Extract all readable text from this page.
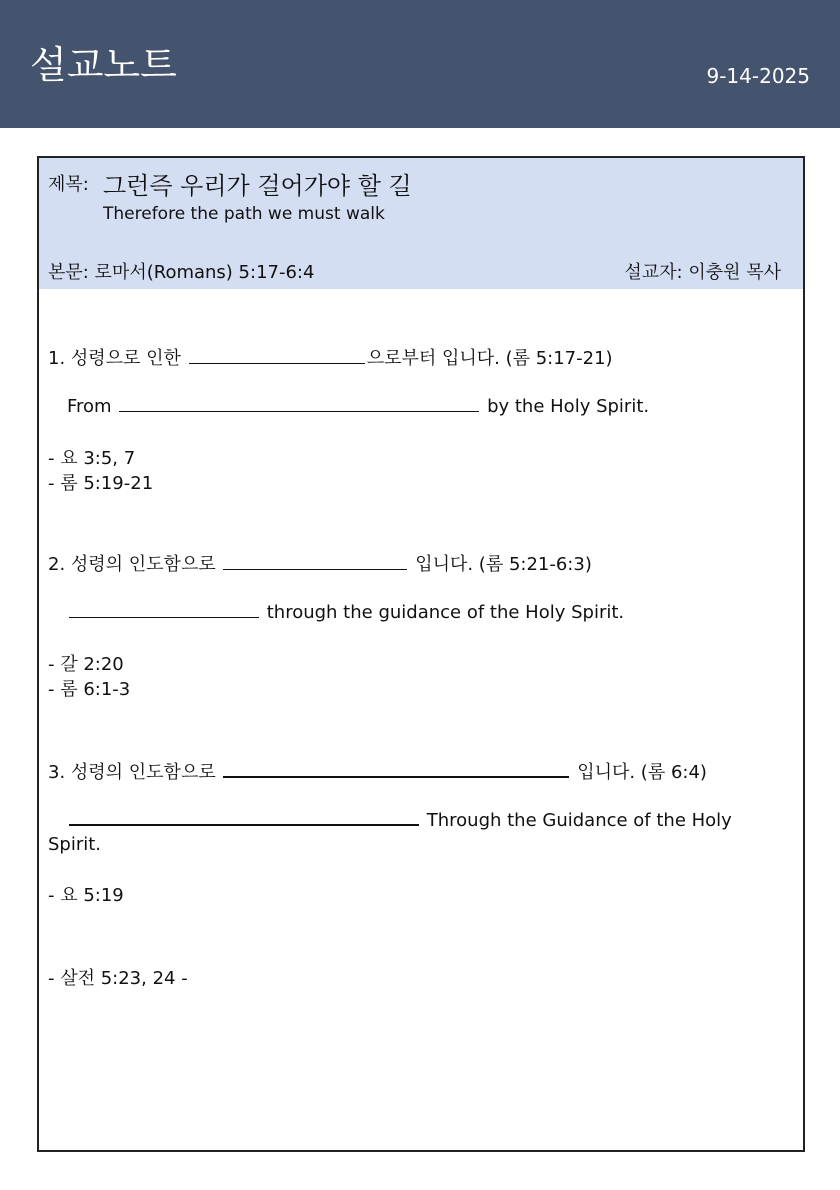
설교노트	9-14-2025
제목: 그런즉 우리가 걸어가야 할 길
Therefore the path we must walk
본문: 로마서(Romans) 5:17-6:4	설교자: 이충원 목사
1. 성령으로 인한	으로부터 입니다. (롬 5:17-21)
From	by the Holy Spirit.
- 요 3:5, 7
- 롬 5:19-21
2. 성령의 인도함으로	입니다. (롬 5:21-6:3)
through the guidance of the Holy Spirit.
- 갈 2:20
- 롬 6:1-3
3. 성령의 인도함으로	입니다. (롬 6:4)
Through the Guidance of the Holy
Spirit.
- 요 5:19
- 살전 5:23, 24 -
